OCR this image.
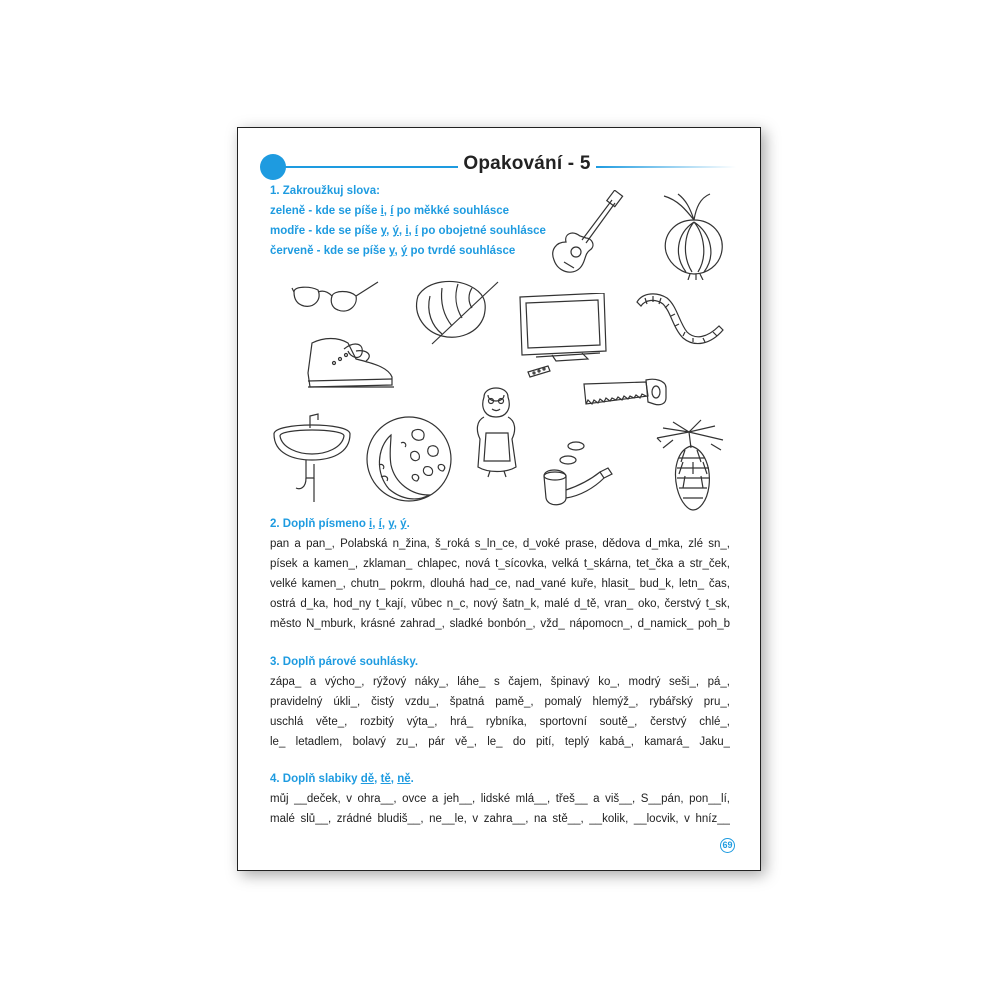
Opakování - 5
1. Zakroužkuj slova:
zeleně - kde se píše i, í po měkké souhlásce
modře - kde se píše y, ý, i, í po obojetné souhlásce
červeně - kde se píše y, ý po tvrdé souhlásce
2. Doplň písmeno i, í, y, ý.
pan a pan_, Polabská n_žina, š_roká s_ln_ce, d_voké prase, dědova d_mka, zlé sn_,
písek a kamen_, zklaman_ chlapec, nová t_sícovka, velká t_skárna, tet_čka a str_ček,
velké kamen_, chutn_ pokrm, dlouhá had_ce, nad_vané kuře, hlasit_ bud_k, letn_ čas,
ostrá d_ka, hod_ny t_kají, vůbec n_c, nový šatn_k, malé d_tě, vran_ oko, čerstvý t_sk,
město N_mburk, krásné zahrad_, sladké bonbón_, vžd_ nápomocn_, d_namick_ poh_b
3. Doplň párové souhlásky.
zápa_ a výcho_, rýžový náky_, láhe_ s čajem, špinavý ko_, modrý seši_, pá_,
pravidelný úkli_, čistý vzdu_, špatná pamě_, pomalý hlemýž_, rybářský pru_,
uschlá věte_, rozbitý výta_, hrá_ rybníka, sportovní soutě_, čerstvý chlé_,
le_ letadlem, bolavý zu_, pár vě_, le_ do pití, teplý kabá_, kamará_ Jaku_
4. Doplň slabiky dě, tě, ně.
můj __deček, v ohra__, ovce a jeh__, lidské mlá__, třeš__ a viš__, Š__pán, pon__lí,
malé slů__, zrádné bludiš__, ne__le, v zahra__, na stě__, __kolik, __locvik, v hníz__
69
